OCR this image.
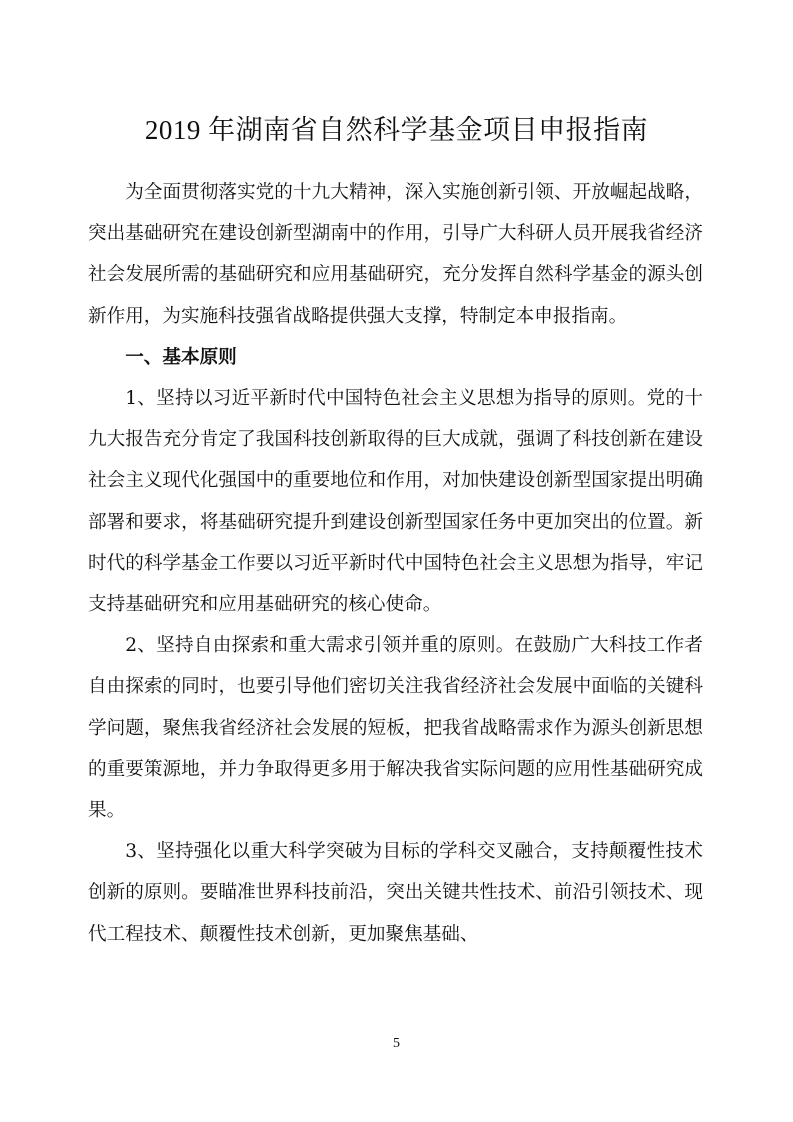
2019 年湖南省自然科学基金项目申报指南

为全面贯彻落实党的十九大精神，深入实施创新引领、开放崛起战略，突出基础研究在建设创新型湖南中的作用，引导广大科研人员开展我省经济社会发展所需的基础研究和应用基础研究，充分发挥自然科学基金的源头创新作用，为实施科技强省战略提供强大支撑，特制定本申报指南。

一、基本原则

1、坚持以习近平新时代中国特色社会主义思想为指导的原则。党的十九大报告充分肯定了我国科技创新取得的巨大成就，强调了科技创新在建设社会主义现代化强国中的重要地位和作用，对加快建设创新型国家提出明确部署和要求，将基础研究提升到建设创新型国家任务中更加突出的位置。新时代的科学基金工作要以习近平新时代中国特色社会主义思想为指导，牢记支持基础研究和应用基础研究的核心使命。

2、坚持自由探索和重大需求引领并重的原则。在鼓励广大科技工作者自由探索的同时，也要引导他们密切关注我省经济社会发展中面临的关键科学问题，聚焦我省经济社会发展的短板，把我省战略需求作为源头创新思想的重要策源地，并力争取得更多用于解决我省实际问题的应用性基础研究成果。

3、坚持强化以重大科学突破为目标的学科交叉融合，支持颠覆性技术创新的原则。要瞄准世界科技前沿，突出关键共性技术、前沿引领技术、现代工程技术、颠覆性技术创新，更加聚焦基础、

5
